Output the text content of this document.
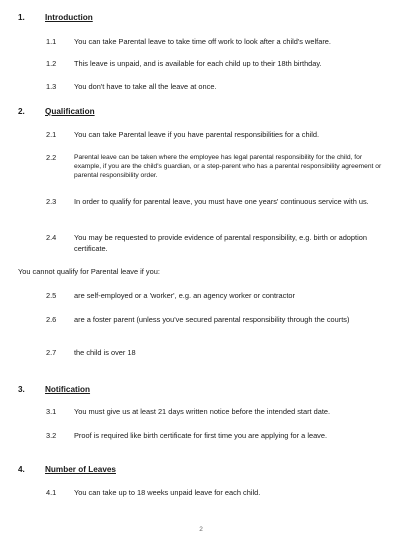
1. Introduction
1.1 You can take Parental leave to take time off work to look after a child's welfare.
1.2 This leave is unpaid, and is available for each child up to their 18th birthday.
1.3 You don't have to take all the leave at once.
2. Qualification
2.1 You can take Parental leave if you have parental responsibilities for a child.
2.2	Parental leave can be taken where the employee has legal parental responsibility for the child, for example, if you are the child's guardian, or a step-parent who has a parental responsibility agreement or parental responsibility order.
2.3 In order to qualify for parental leave, you must have one years' continuous service with us.
2.4 You may be requested to provide evidence of parental responsibility, e.g. birth or adoption certificate.
You cannot qualify for Parental leave if you:
2.5 are self-employed or a 'worker', e.g. an agency worker or contractor
2.6 are a foster parent (unless you've secured parental responsibility through the courts)
2.7 the child is over 18
3. Notification
3.1 You must give us at least 21 days written notice before the intended start date.
3.2 Proof is required like birth certificate for first time you are applying for a leave.
4. Number of Leaves
4.1 You can take up to 18 weeks unpaid leave for each child.
2
